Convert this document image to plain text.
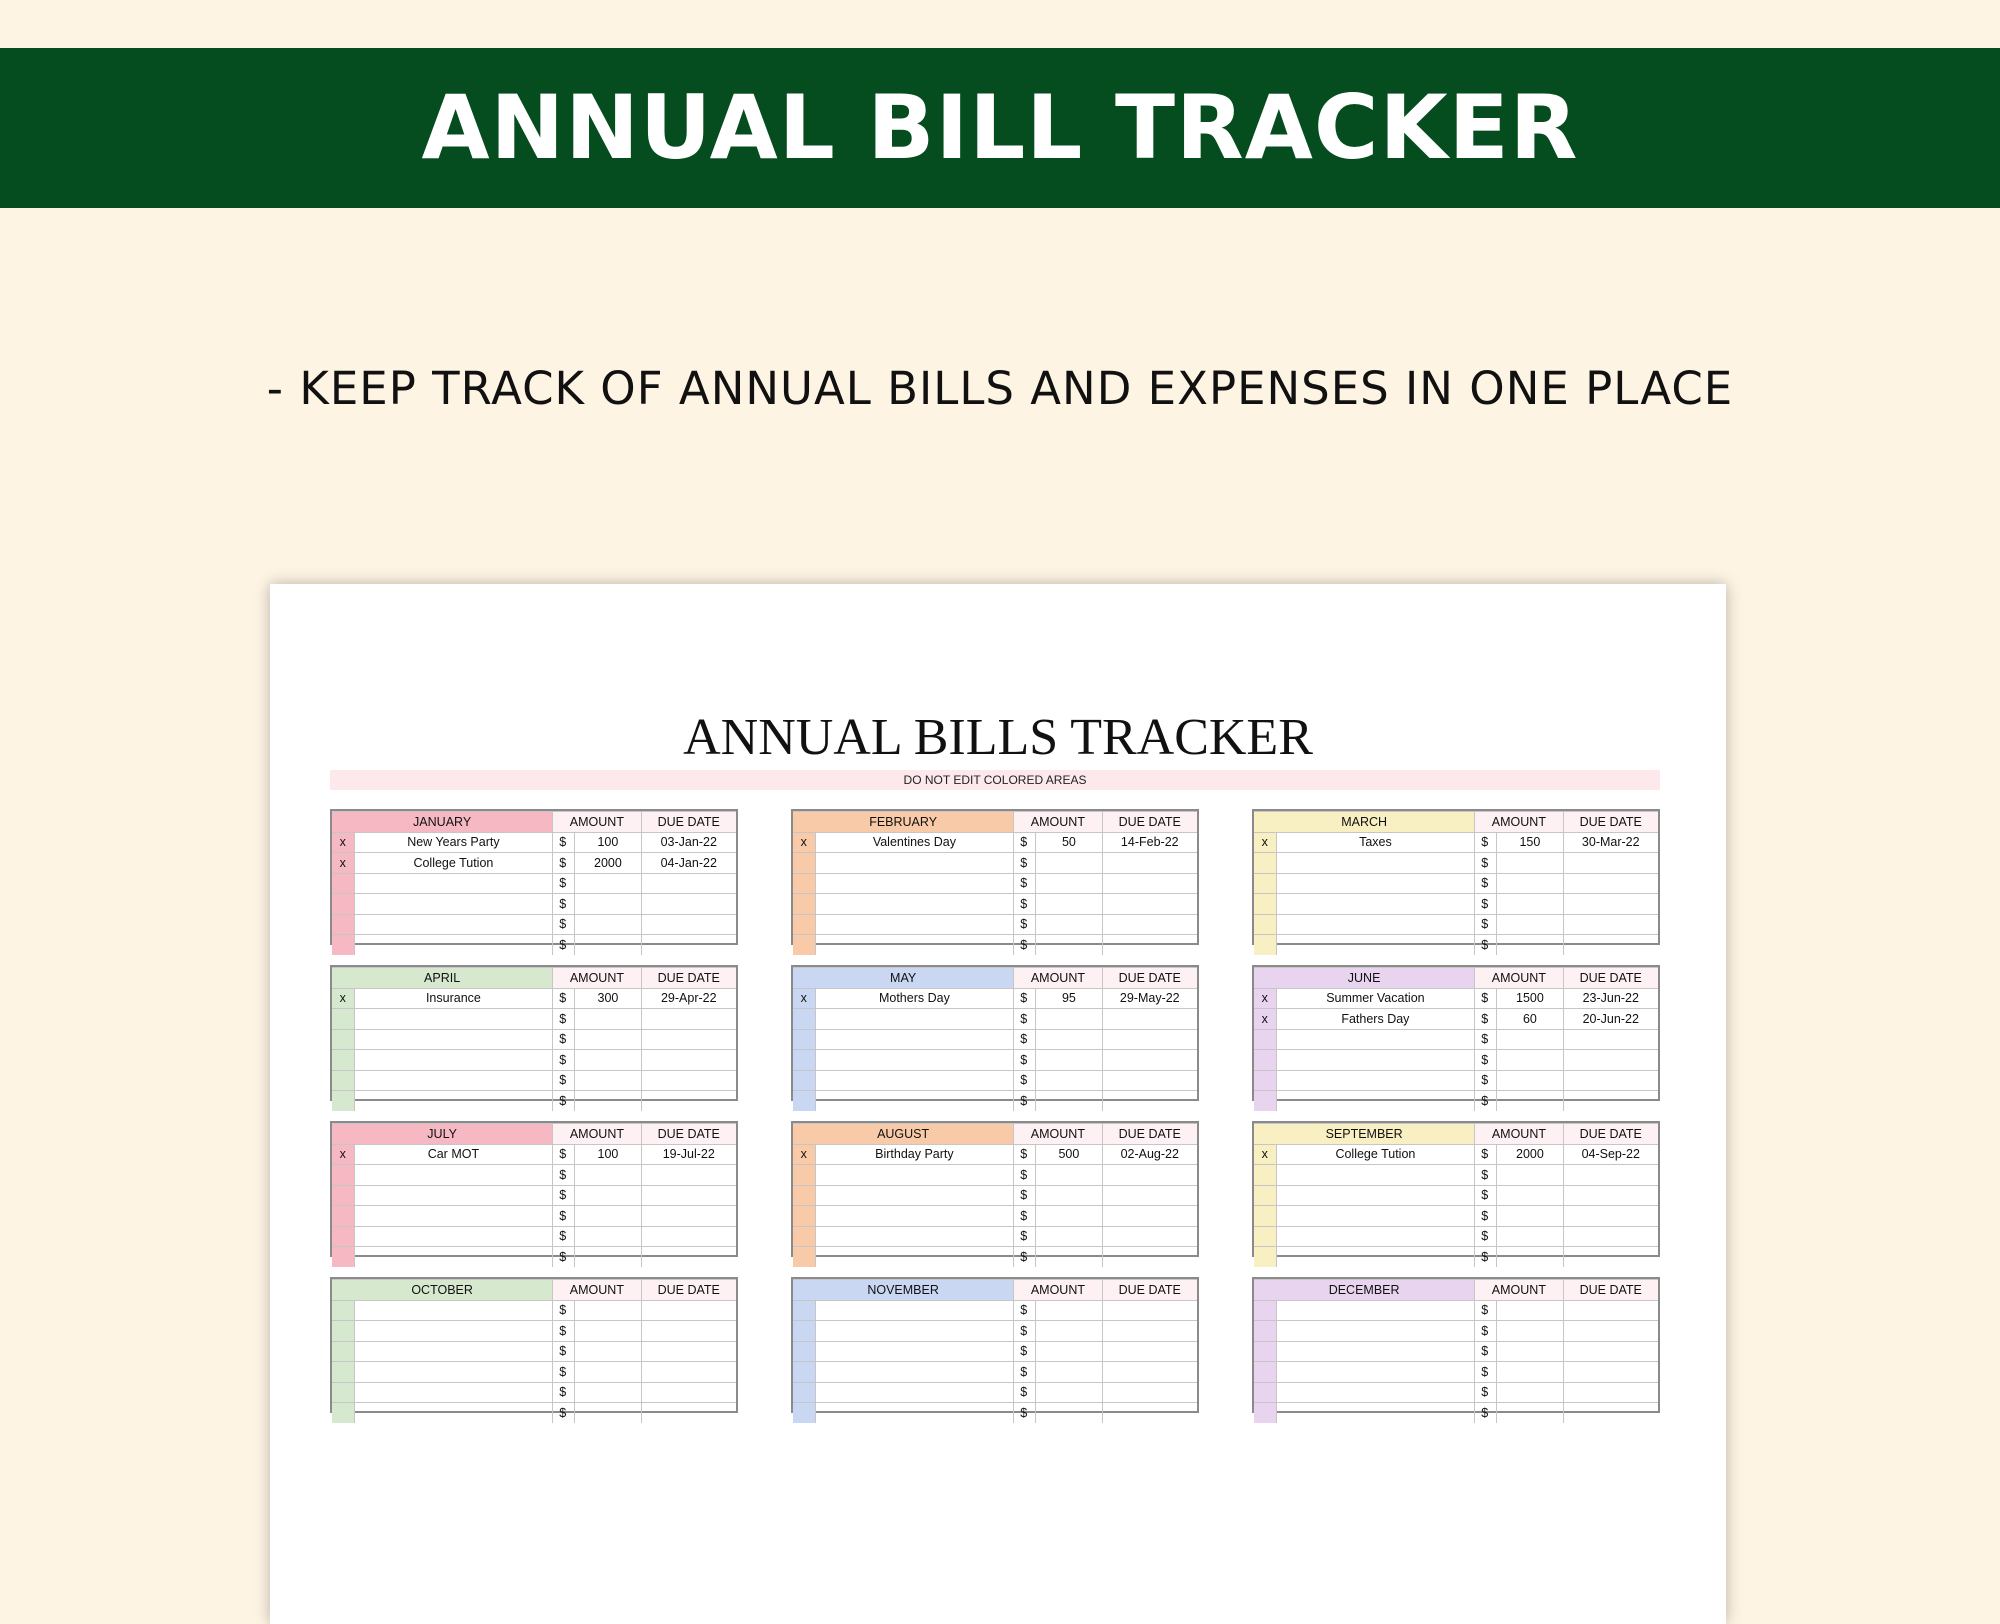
ANNUAL BILL TRACKER
- KEEP TRACK OF ANNUAL BILLS AND EXPENSES IN ONE PLACE
ANNUAL BILLS TRACKER
DO NOT EDIT COLORED AREAS
JANUARY		AMOUNT		DUE DATE
x	New Years Party	$	100	03-Jan-22
x	College Tution	$	2000	04-Jan-22
		$		
		$		
		$		
		$		
FEBRUARY		AMOUNT		DUE DATE
x	Valentines Day	$	50	14-Feb-22
		$		
		$		
		$		
		$		
		$		
MARCH		AMOUNT		DUE DATE
x	Taxes	$	150	30-Mar-22
		$		
		$		
		$		
		$		
		$		
APRIL		AMOUNT		DUE DATE
x	Insurance	$	300	29-Apr-22
		$		
		$		
		$		
		$		
		$		
MAY		AMOUNT		DUE DATE
x	Mothers Day	$	95	29-May-22
		$		
		$		
		$		
		$		
		$		
JUNE		AMOUNT		DUE DATE
x	Summer Vacation	$	1500	23-Jun-22
x	Fathers Day	$	60	20-Jun-22
		$		
		$		
		$		
		$		
JULY		AMOUNT		DUE DATE
x	Car MOT	$	100	19-Jul-22
		$		
		$		
		$		
		$		
		$		
AUGUST		AMOUNT		DUE DATE
x	Birthday Party	$	500	02-Aug-22
		$		
		$		
		$		
		$		
		$		
SEPTEMBER		AMOUNT		DUE DATE
x	College Tution	$	2000	04-Sep-22
		$		
		$		
		$		
		$		
		$		
OCTOBER		AMOUNT		DUE DATE
		$		
		$		
		$		
		$		
		$		
		$		
NOVEMBER		AMOUNT		DUE DATE
		$		
		$		
		$		
		$		
		$		
		$		
DECEMBER		AMOUNT		DUE DATE
		$		
		$		
		$		
		$		
		$		
		$		
